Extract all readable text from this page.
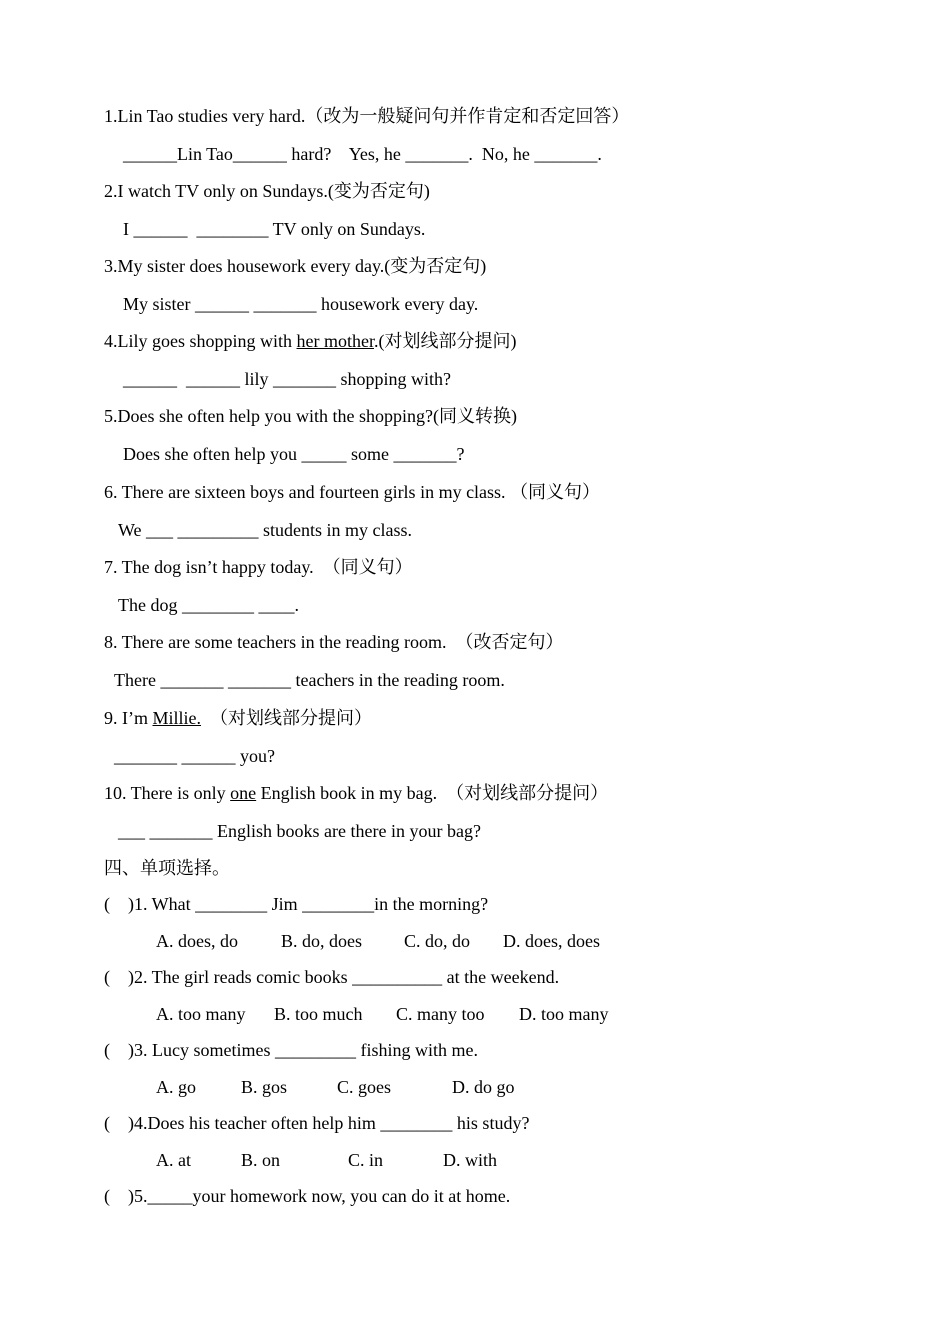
1.Lin Tao studies very hard.（改为一般疑问句并作肯定和否定回答）
______Lin Tao______ hard?    Yes, he _______.  No, he _______.
2.I watch TV only on Sundays.(变为否定句)
I ______  ________ TV only on Sundays.
3.My sister does housework every day.(变为否定句)
My sister ______ _______ housework every day.
4.Lily goes shopping with her mother.(对划线部分提问)
______  ______ lily _______ shopping with?
5.Does she often help you with the shopping?(同义转换)
Does she often help you _____ some _______?
6. There are sixteen boys and fourteen girls in my class. （同义句）
We ___ _________ students in my class.
7. The dog isn’t happy today.  （同义句）
The dog ________ ____.
8. There are some teachers in the reading room.  （改否定句）
There _______ _______ teachers in the reading room.
9. I’m Millie. （对划线部分提问）
_______ ______ you?
10. There is only one English book in my bag.  （对划线部分提问）
___ _______ English books are there in your bag?
四、单项选择。
(    )1. What ________ Jim ________in the morning?
A. does, do B. do, does C. do, do D. does, does
(    )2. The girl reads comic books __________ at the weekend.
A. too many B. too much C. many too D. too many
(    )3. Lucy sometimes _________ fishing with me.
A. go	B. gos	C. goes	D. do go
(    )4.Does his teacher often help him ________ his study?
A. at	B. on	C. in	D. with
(    )5._____your homework now, you can do it at home.
